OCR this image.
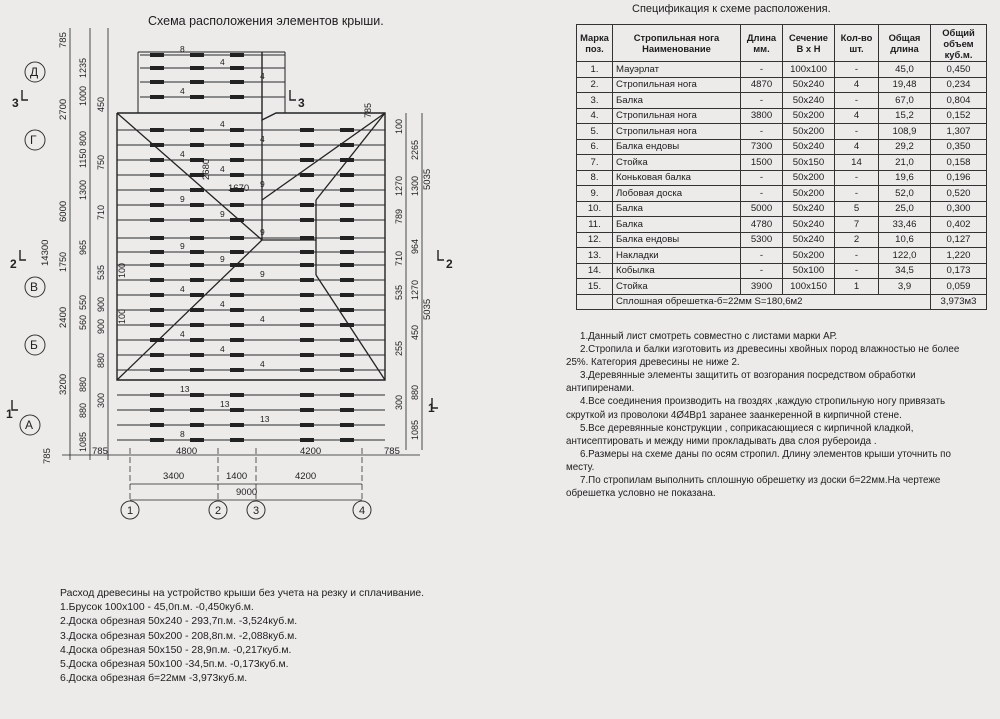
Схема расположения элементов крыши.
Спецификация к схеме расположения.
8
4
4
4
4
4
4
4
9
9
9
9
9
9
9
4
4
4
4
4
4
13
13
13
8
Д
Г
В
Б
А
1	2	3	4
3	3
2	2
1	1
785
2700
6000
14300
2400
3200
785
1235
1000 450
1150
800
1300
710
965
1750
535
560
550
900
900
880
880
880
300
1085
100
750
100
785
100
2265
1270 1300
789
964
710
535 1270
255
300
880
1085
450
5035
5035
785	4800	4200	785
3400	1400	4200
9000
1670
2680
Марка поз.	Стропильная нога Наименование	Длина мм.	Сечение В х Н	Кол-во шт.	Общая длина	Общий объем куб.м.
1.	Мауэрлат	-	100x100	-	45,0	0,450
2.	Стропильная нога	4870	50x240	4	19,48	0,234
3.	Балка	-	50x240	-	67,0	0,804
4.	Стропильная нога	3800	50x200	4	15,2	0,152
5.	Стропильная нога	-	50x200	-	108,9	1,307
6.	Балка ендовы	7300	50x240	4	29,2	0,350
7.	Стойка	1500	50x150	14	21,0	0,158
8.	Коньковая балка	-	50x200	-	19,6	0,196
9.	Лобовая доска	-	50x200	-	52,0	0,520
10.	Балка	5000	50x240	5	25,0	0,300
11.	Балка	4780	50x240	7	33,46	0,402
12.	Балка ендовы	5300	50x240	2	10,6	0,127
13.	Накладки	-	50x200	-	122,0	1,220
14.	Кобылка	-	50x100	-	34,5	0,173
15.	Стойка	3900	100x150	1	3,9	0,059
	Сплошная обрешетка-б=22мм S=180,6м2					3,973м3

1.Данный лист смотреть совместно с листами марки АР.

2.Стропила и балки изготовить из древесины хвойных пород влажностью не более 25%. Категория древесины не ниже 2.

3.Деревянные элементы защитить от возгорания посредством обработки антипиренами.

4.Все соединения производить на гвоздях ,каждую стропильную ногу привязать скруткой из проволоки 4Ø4Вр1 заранее заанкеренной в кирпичной стене.

5.Все деревянные конструкции , соприкасающиеся с кирпичной кладкой, антисептировать и между ними прокладывать два слоя рубероида .

6.Размеры на схеме даны по осям стропил. Длину элементов крыши уточнить по месту.

7.По стропилам выполнить сплошную обрешетку из доски б=22мм.На чертеже обрешетка условно не показана.

Расход древесины на устройство крыши без учета на резку и сплачивание.
1.Брусок 100х100 - 45,0п.м. -0,450куб.м.
2.Доска обрезная 50х240 - 293,7п.м. -3,524куб.м.
3.Доска обрезная 50х200 - 208,8п.м. -2,088куб.м.
4.Доска обрезная 50х150 - 28,9п.м. -0,217куб.м.
5.Доска обрезная 50х100 -34,5п.м. -0,173куб.м.
6.Доска обрезная б=22мм -3,973куб.м.
